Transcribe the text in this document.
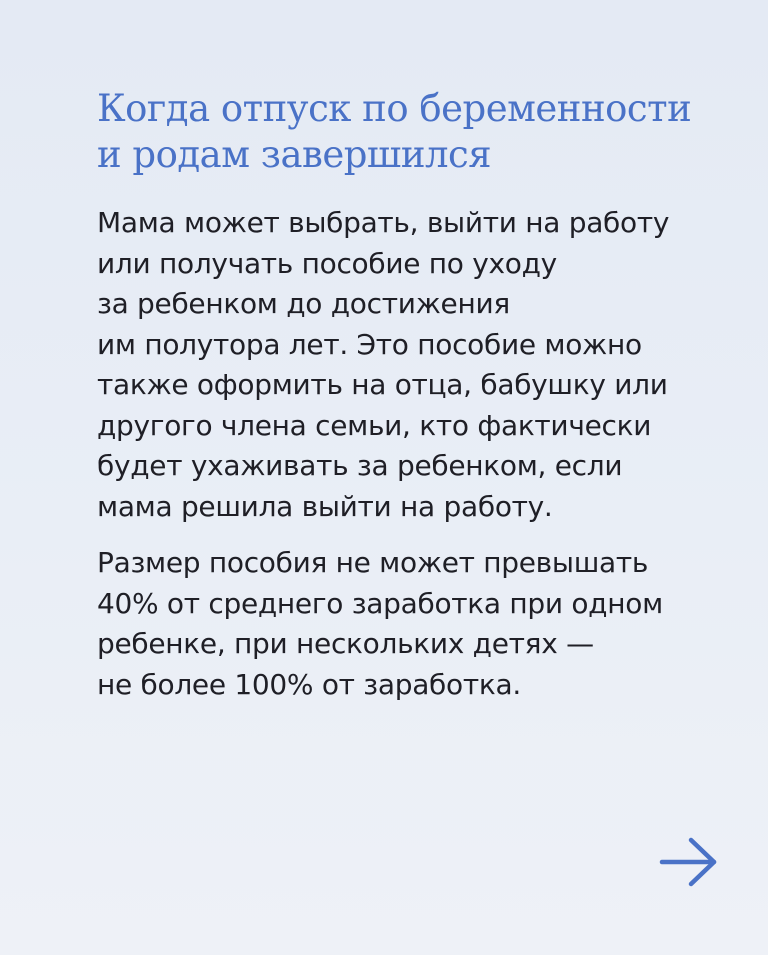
Когда отпуск по беременности
и родам завершился

Мама может выбрать, выйти на работу
или получать пособие по уходу
за ребенком до достижения
им полутора лет. Это пособие можно
также оформить на отца, бабушку или
другого члена семьи, кто фактически
будет ухаживать за ребенком, если
мама решила выйти на работу.

Размер пособия не может превышать
40% от среднего заработка при одном
ребенке, при нескольких детях —
не более 100% от заработка.
